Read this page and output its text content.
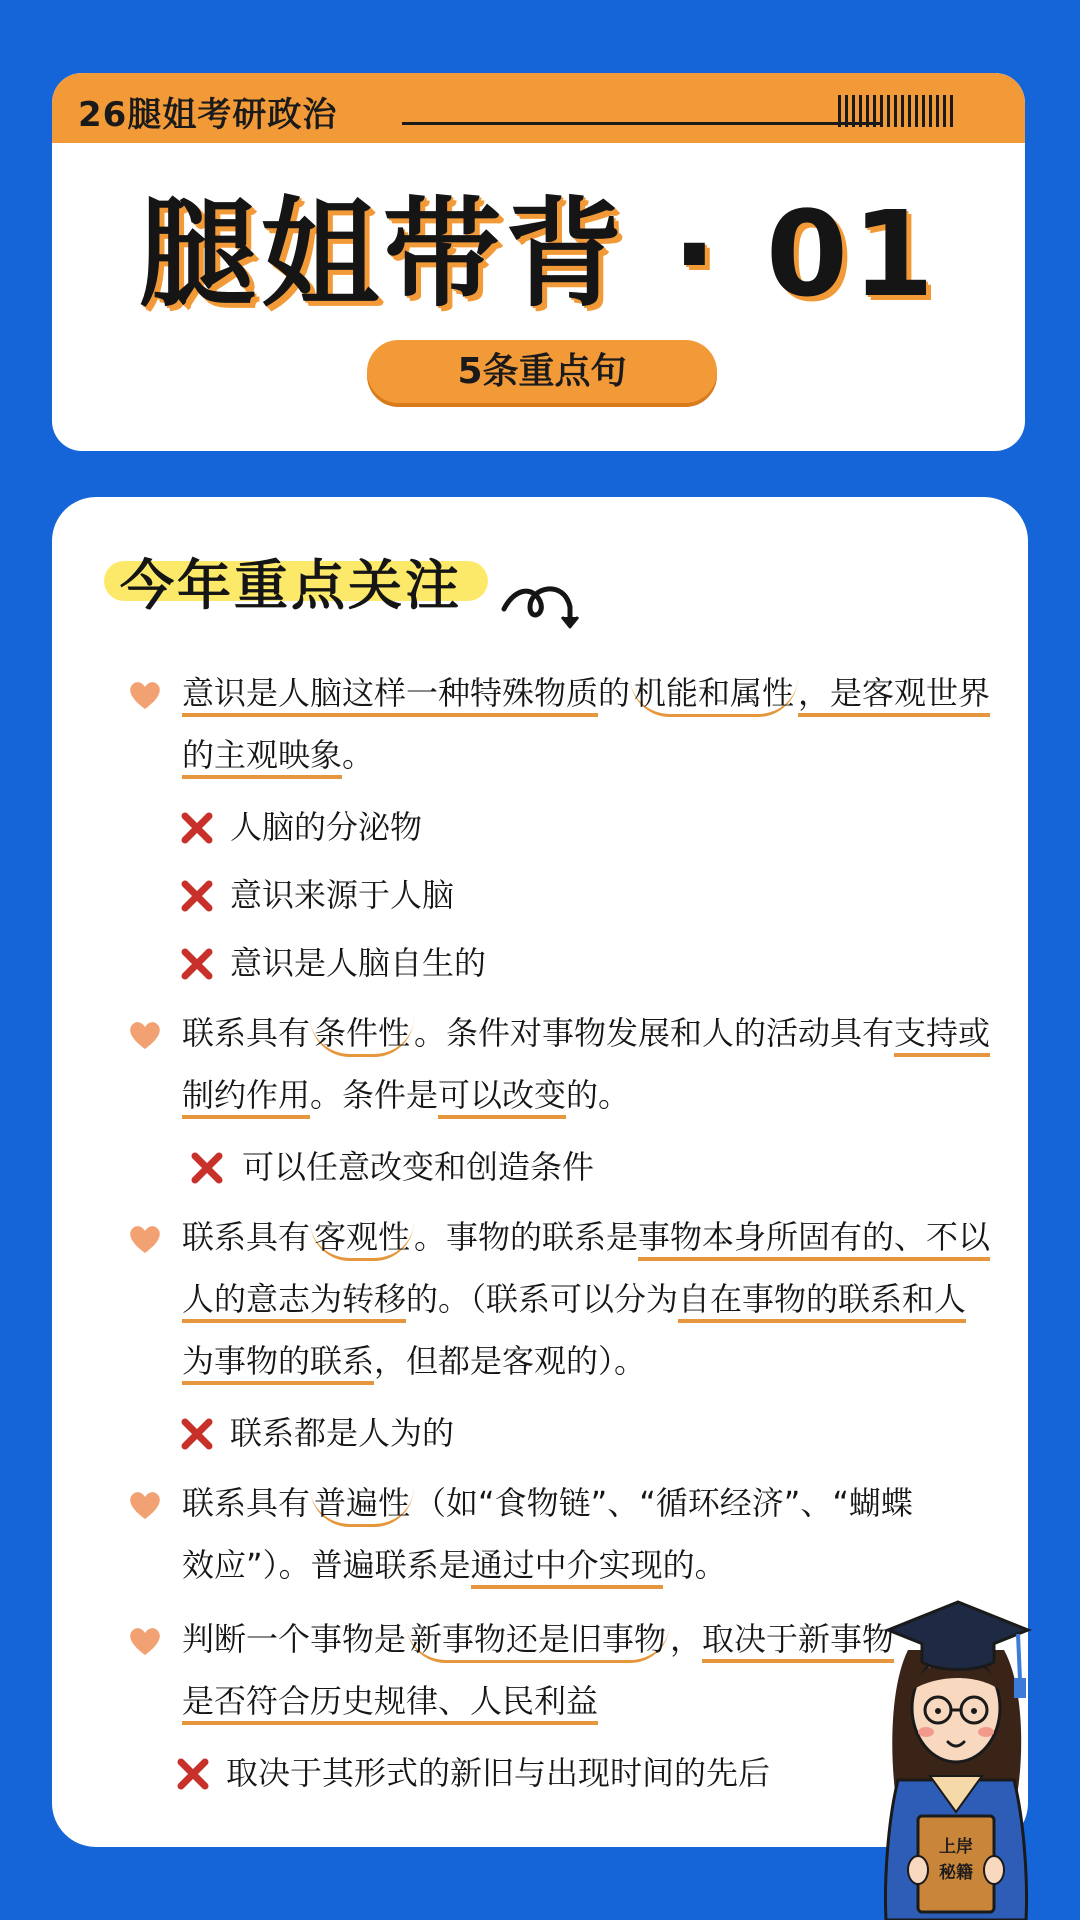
26腿姐考研政治
腿姐带背 · 01
5条重点句
今年重点关注
意识是人脑这样一种特殊物质的 机能和属性 ，是客观世界
的主观映象。
人脑的分泌物
意识来源于人脑
意识是人脑自生的
联系具有 条件性 。条件对事物发展和人的活动具有支持或
制约作用。条件是可以改变的。
可以任意改变和创造条件
联系具有 客观性 。事物的联系是事物本身所固有的、不以
人的意志为转移的。（联系可以分为自在事物的联系和人
为事物的联系，但都是客观的）。
联系都是人为的
联系具有 普遍性 （如“食物链”、“循环经济”、“蝴蝶
效应”）。普遍联系是通过中介实现的。
判断一个事物是 新事物还是旧事物 ，取决于新事物
是否符合历史规律、人民利益
取决于其形式的新旧与出现时间的先后
上岸
秘籍
